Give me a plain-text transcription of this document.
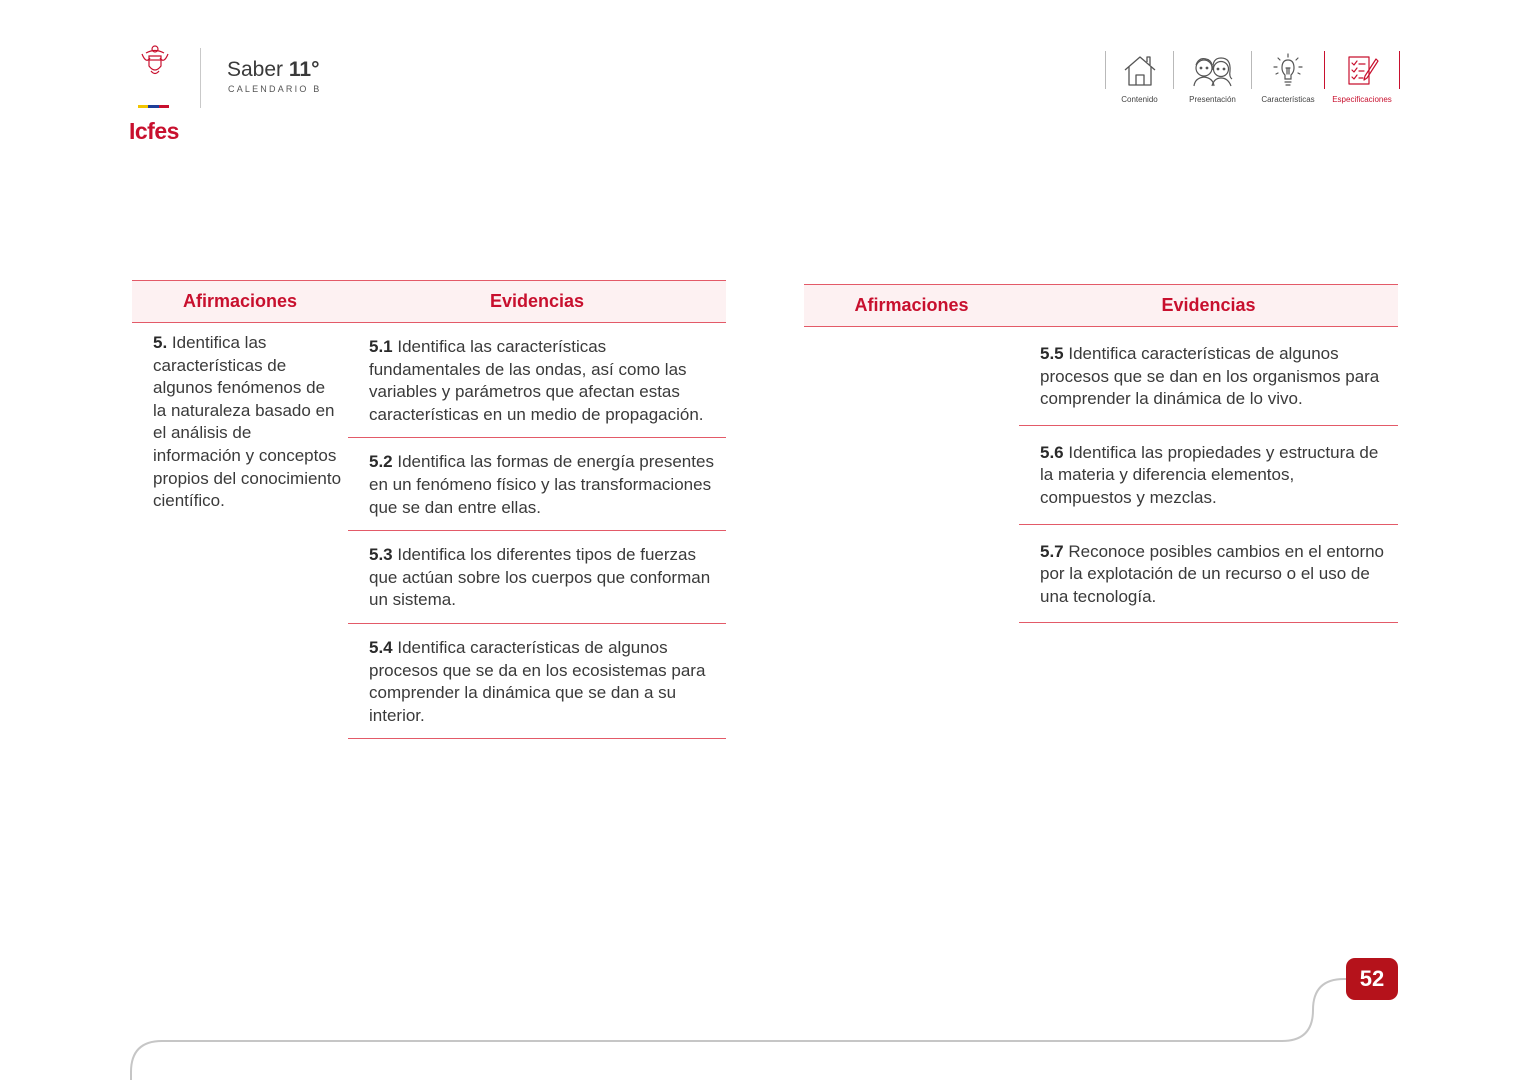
Icfes
Saber 11°
CALENDARIO B
Contenido	Presentación	Características	Especificaciones
Afirmaciones	Evidencias
5. Identifica las características de algunos fenómenos de la naturaleza basado en el análisis de información y conceptos propios del conocimiento científico.	5.1 Identifica las características fundamentales de las ondas, así como las variables y parámetros que afectan estas características en un medio de propagación.
	5.2 Identifica las formas de energía presentes en un fenómeno físico y las transformaciones que se dan entre ellas.
	5.3 Identifica los diferentes tipos de fuerzas que actúan sobre los cuerpos que conforman un sistema.
	5.4 Identifica características de algunos procesos que se da en los ecosistemas para comprender la dinámica que se dan a su interior.
Afirmaciones	Evidencias
	5.5 Identifica características de algunos procesos que se dan en los organismos para comprender la dinámica de lo vivo.
	5.6 Identifica las propiedades y estructura de la materia y diferencia elementos, compuestos y mezclas.
	5.7 Reconoce posibles cambios en el entorno por la explotación de un recurso o el uso de una tecnología.
52
